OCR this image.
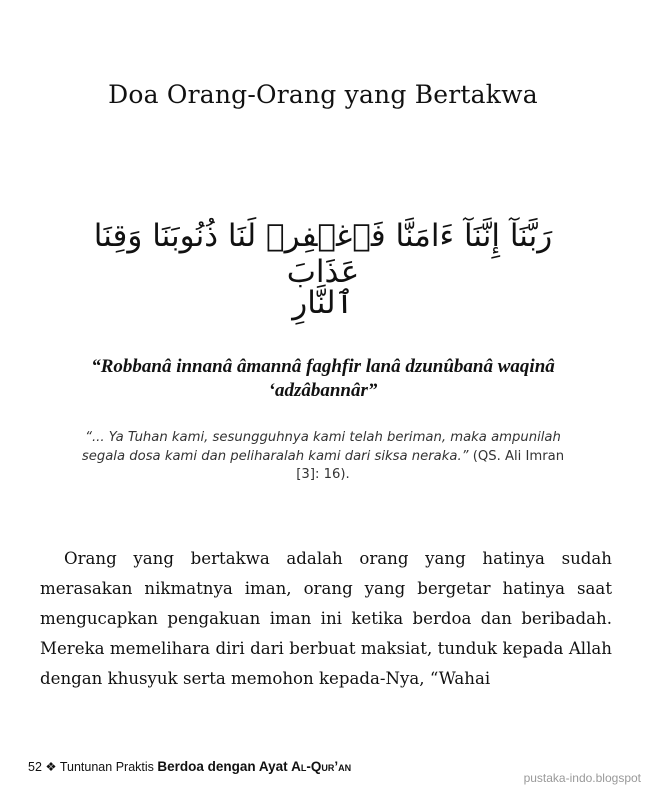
Doa Orang-Orang yang Bertakwa
رَبَّنَآ إِنَّنَآ ءَامَنَّا فَٱغۡفِرۡ لَنَا ذُنُوبَنَا وَقِنَا عَذَابَ
ٱلنَّارِ
“Robbanâ innanâ âmannâ faghfir lanâ dzunûbanâ waqinâ ‘adzâbannâr”
“... Ya Tuhan kami, sesungguhnya kami telah beriman, maka ampunilah segala dosa kami dan peliharalah kami dari siksa neraka.” (QS. Ali Imran [3]: 16).

Orang yang bertakwa adalah orang yang hatinya sudah merasakan nikmatnya iman, orang yang bergetar hatinya saat mengucapkan pengakuan iman ini ketika berdoa dan beribadah. Mereka memelihara diri dari berbuat maksiat, tunduk kepada Allah dengan khusyuk serta memohon kepada-Nya, “Wahai

52 ❖ Tuntunan Praktis Berdoa dengan Ayat Al-Qur’an
pustaka-indo.blogspot
